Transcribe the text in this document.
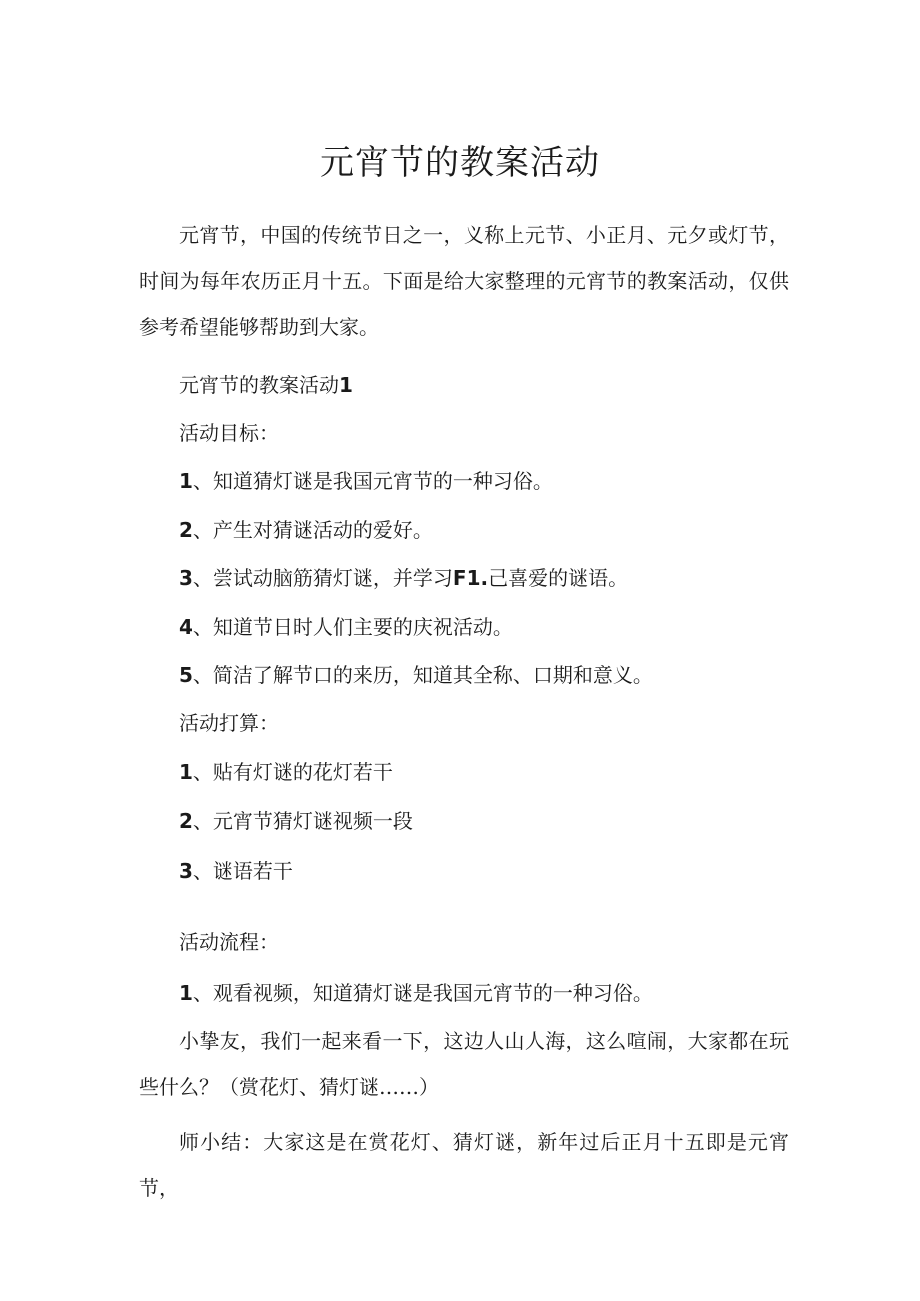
元宵节的教案活动

元宵节，中国的传统节日之一，义称上元节、小正月、元夕或灯节，时间为每年农历正月十五。下面是给大家整理的元宵节的教案活动，仅供参考希望能够帮助到大家。

元宵节的教案活动1

活动目标：

1、知道猜灯谜是我国元宵节的一种习俗。

2、产生对猜谜活动的爱好。

3、尝试动脑筋猜灯谜，并学习F1.己喜爱的谜语。

4、知道节日时人们主要的庆祝活动。

5、简洁了解节口的来历，知道其全称、口期和意义。

活动打算：

1、贴有灯谜的花灯若干

2、元宵节猜灯谜视频一段

3、谜语若干

活动流程：

1、观看视频，知道猜灯谜是我国元宵节的一种习俗。

小挚友，我们一起来看一下，这边人山人海，这么喧闹，大家都在玩些什么？（赏花灯、猜灯谜……）

师小结：大家这是在赏花灯、猜灯谜，新年过后正月十五即是元宵节，
